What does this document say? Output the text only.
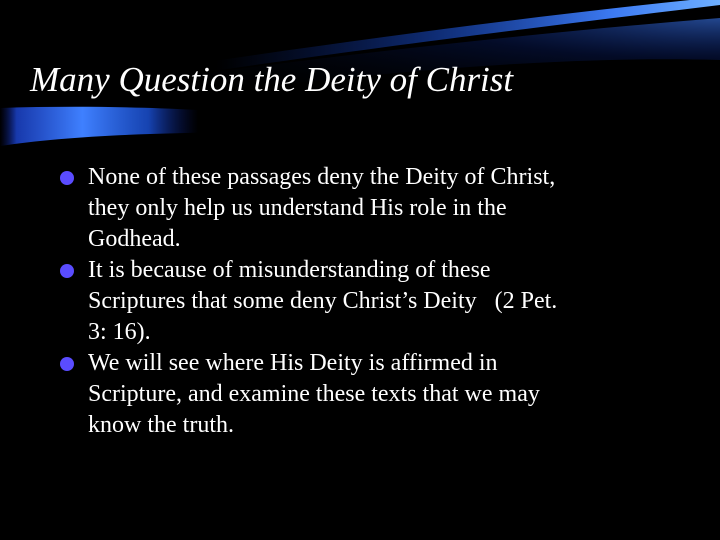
Many Question the Deity of Christ
None of these passages deny the Deity of Christ,
they only help us understand His role in the
Godhead.
It is because of misunderstanding of these
Scriptures that some deny Christ’s Deity   (2 Pet.
3: 16).
We will see where His Deity is affirmed in
Scripture, and examine these texts that we may
know the truth.
